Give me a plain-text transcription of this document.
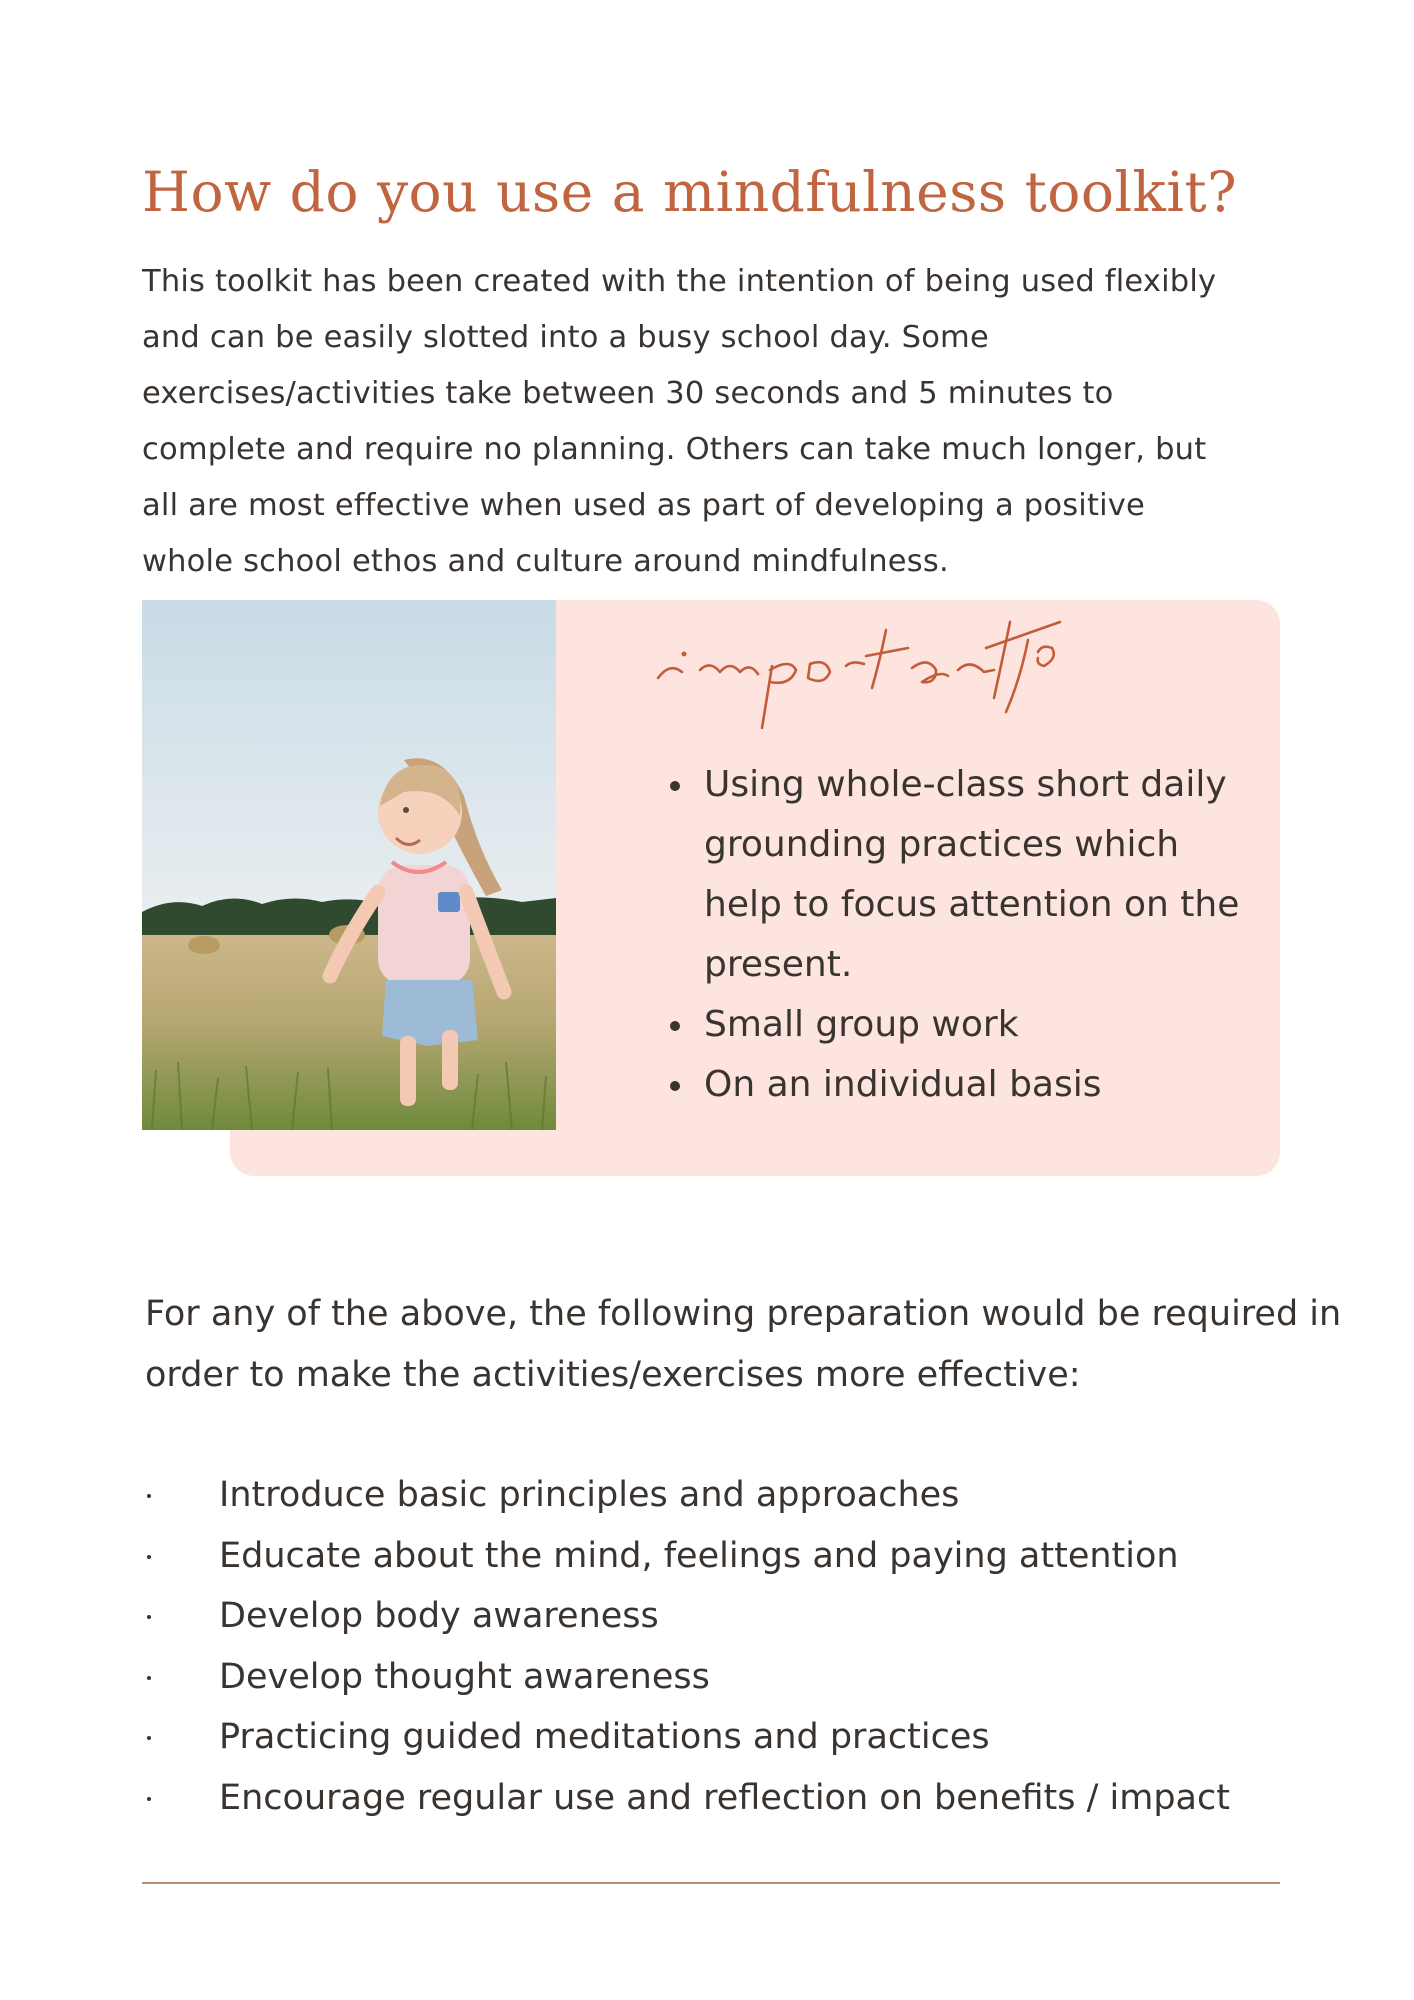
How do you use a mindfulness toolkit?

This toolkit has been created with the intention of being used flexibly
and can be easily slotted into a busy school day. Some
exercises/activities take between 30 seconds and 5 minutes to
complete and require no planning. Others can take much longer, but
all are most effective when used as part of developing a positive
whole school ethos and culture around mindfulness.

Using whole-class short daily grounding practices which help to focus attention on the present.
Small group work
On an individual basis

For any of the above, the following preparation would be required in
order to make the activities/exercises more effective:

Introduce basic principles and approaches
Educate about the mind, feelings and paying attention
Develop body awareness
Develop thought awareness
Practicing guided meditations and practices
Encourage regular use and reflection on benefits / impact
